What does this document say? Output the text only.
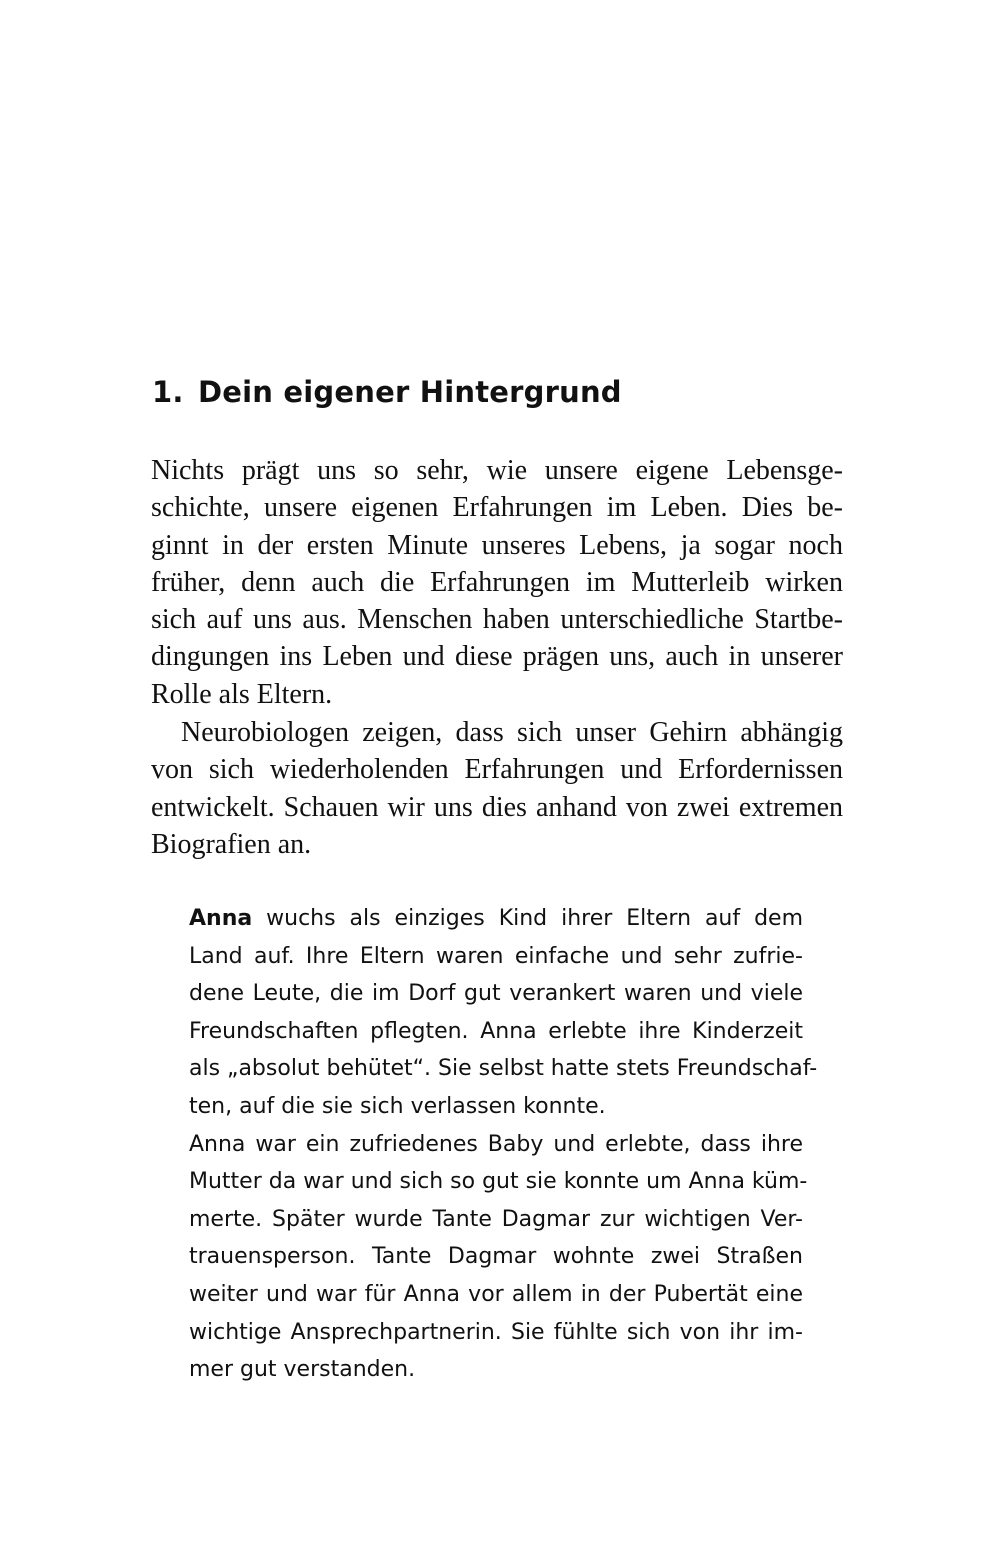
1. Dein eigener Hintergrund
Nichts prägt uns so sehr, wie unsere eigene Lebensge-
schichte, unsere eigenen Erfahrungen im Leben. Dies be-
ginnt in der ersten Minute unseres Lebens, ja sogar noch
früher, denn auch die Erfahrungen im Mutterleib wirken
sich auf uns aus. Menschen haben unterschiedliche Startbe-
dingungen ins Leben und diese prägen uns, auch in unserer
Rolle als Eltern.
Neurobiologen zeigen, dass sich unser Gehirn abhängig
von sich wiederholenden Erfahrungen und Erfordernissen
entwickelt. Schauen wir uns dies anhand von zwei extremen
Biografien an.
Anna wuchs als einziges Kind ihrer Eltern auf dem
Land auf. Ihre Eltern waren einfache und sehr zufrie-
dene Leute, die im Dorf gut verankert waren und viele
Freundschaften pflegten. Anna erlebte ihre Kinderzeit
als „absolut behütet“. Sie selbst hatte stets Freundschaf-
ten, auf die sie sich verlassen konnte.
Anna war ein zufriedenes Baby und erlebte, dass ihre
Mutter da war und sich so gut sie konnte um Anna küm-
merte. Später wurde Tante Dagmar zur wichtigen Ver-
trauensperson. Tante Dagmar wohnte zwei Straßen
weiter und war für Anna vor allem in der Pubertät eine
wichtige Ansprechpartnerin. Sie fühlte sich von ihr im-
mer gut verstanden.
